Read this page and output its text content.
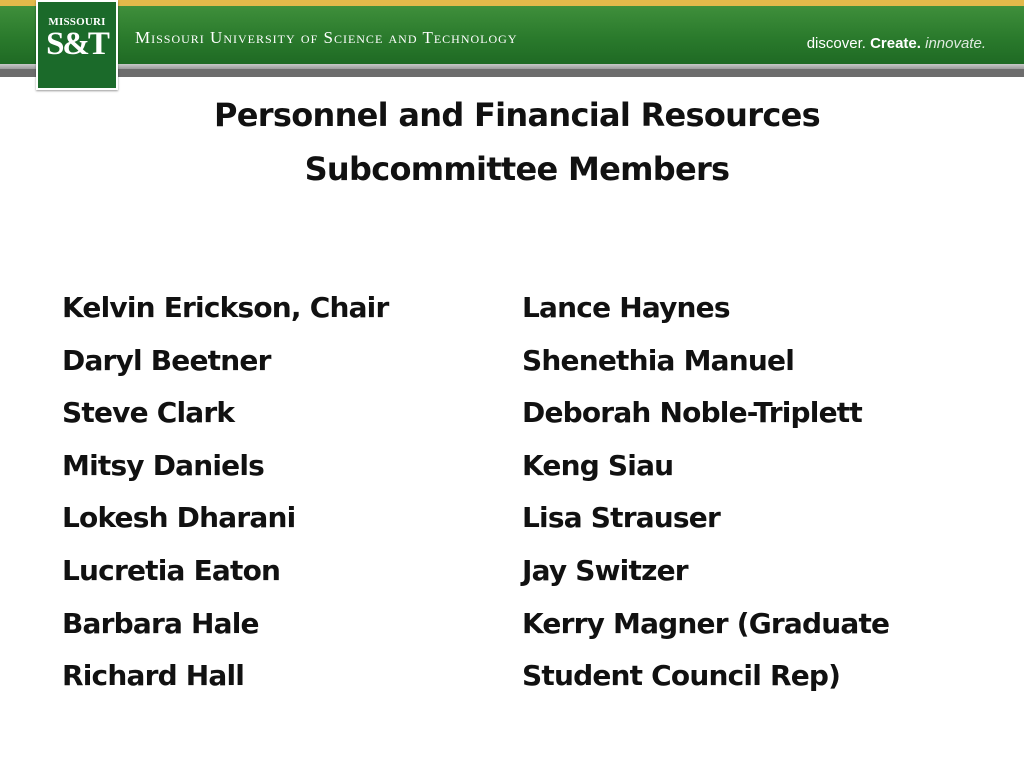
MISSOURI
S&T	Missouri University of Science and Technology	discover. Create. innovate.
Personnel and Financial Resources
Subcommittee Members
Kelvin Erickson, Chair
Daryl Beetner
Steve Clark
Mitsy Daniels
Lokesh Dharani
Lucretia Eaton
Barbara Hale
Richard Hall
Lance Haynes
Shenethia Manuel
Deborah Noble-Triplett
Keng Siau
Lisa Strauser
Jay Switzer
Kerry Magner (Graduate
Student Council Rep)
